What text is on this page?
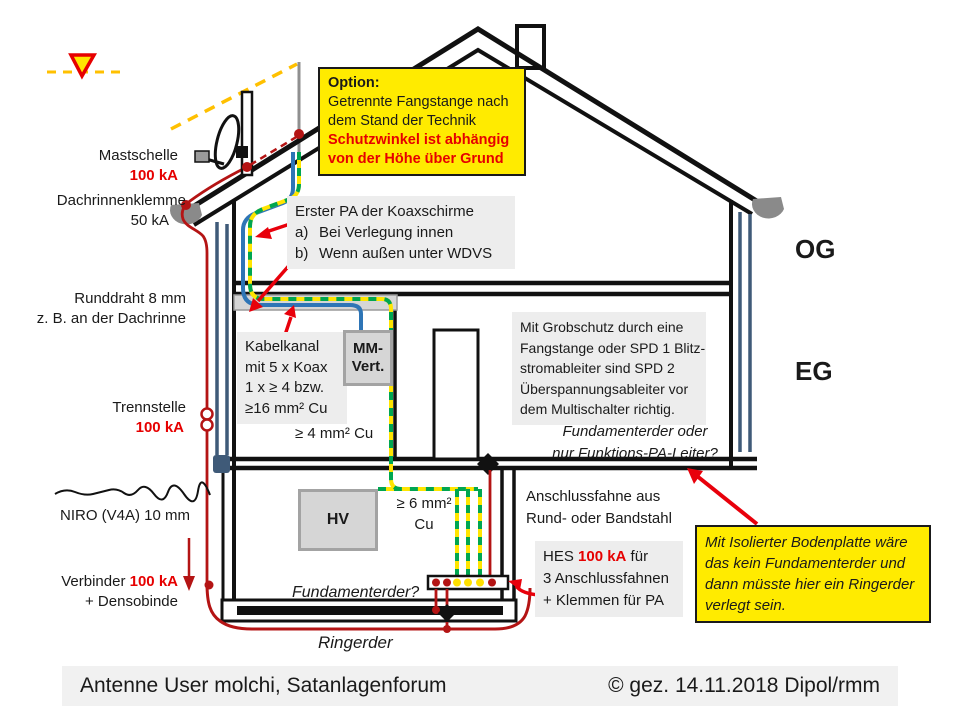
Mastschelle
100 kA
Dachrinnenklemme
50 kA
Runddraht 8 mm
z. B. an der Dachrinne
Trennstelle
100 kA
NIRO (V4A) 10 mm
Verbinder 100 kA
+ Densobinde
OG
EG
Option:
Getrennte Fangstange nach
dem Stand der Technik
Schutzwinkel ist abhängig
von der Höhe über Grund
Erster PA der Koaxschirme
a) Bei Verlegung innen
b) Wenn außen unter WDVS
Kabelkanal
mit 5 x Koax
1 x ≥ 4 bzw.
≥16 mm² Cu
MM-
Vert.
Mit Grobschutz durch eine
Fangstange oder SPD 1 Blitz-
stromableiter sind SPD 2
Überspannungsableiter vor
dem Multischalter richtig.
Fundamenterder oder
nur Funktions-PA-Leiter?
≥ 4 mm² Cu
≥ 6 mm²
Cu
HV
Anschlussfahne aus
Rund- oder Bandstahl
HES 100 kA für
3 Anschlussfahnen
+ Klemmen für PA
Mit Isolierter Bodenplatte wäre
das kein Fundamenterder und
dann müsste hier ein Ringerder
verlegt sein.
Fundamenterder?
Ringerder
Antenne User molchi, Satanlagenforum	© gez. 14.11.2018 Dipol/rmm
